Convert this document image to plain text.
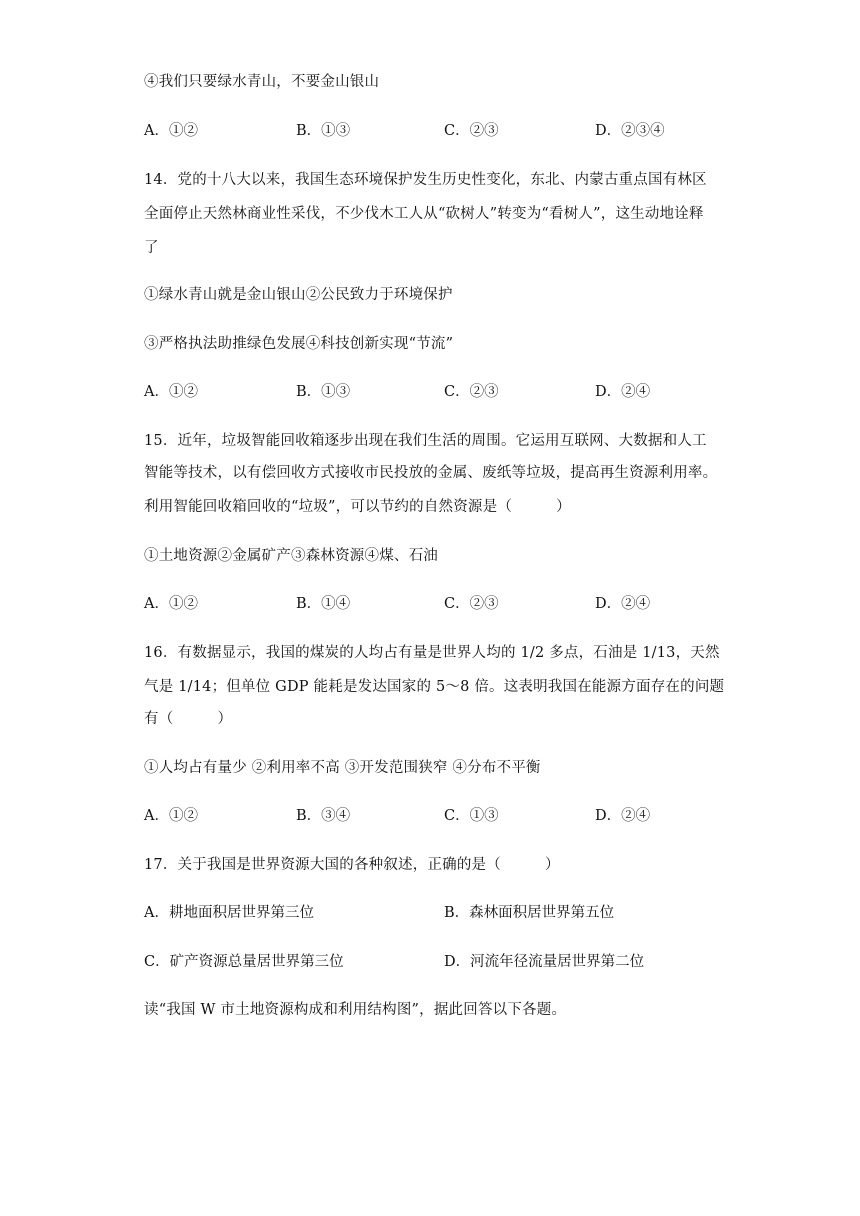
④我们只要绿水青山，不要金山银山
A．①②	B．①③	C．②③	D．②③④
14．党的十八大以来，我国生态环境保护发生历史性变化，东北、内蒙古重点国有林区
全面停止天然林商业性采伐，不少伐木工人从“砍树人”转变为“看树人”，这生动地诠释
了
①绿水青山就是金山银山②公民致力于环境保护
③严格执法助推绿色发展④科技创新实现“节流”
A．①②	B．①③	C．②③	D．②④
15．近年，垃圾智能回收箱逐步出现在我们生活的周围。它运用互联网、大数据和人工
智能等技术，以有偿回收方式接收市民投放的金属、废纸等垃圾，提高再生资源利用率。
利用智能回收箱回收的“垃圾”，可以节约的自然资源是（　　　）
①土地资源②金属矿产③森林资源④煤、石油
A．①②	B．①④	C．②③	D．②④
16．有数据显示，我国的煤炭的人均占有量是世界人均的 1/2 多点，石油是 1/13，天然
气是 1/14；但单位 GDP 能耗是发达国家的 5～8 倍。这表明我国在能源方面存在的问题
有（　　　）
①人均占有量少 ②利用率不高 ③开发范围狭窄 ④分布不平衡
A．①②	B．③④	C．①③	D．②④
17．关于我国是世界资源大国的各种叙述，正确的是（　　　）
A．耕地面积居世界第三位	B．森林面积居世界第五位
C．矿产资源总量居世界第三位	D．河流年径流量居世界第二位
读“我国 W 市土地资源构成和利用结构图”，据此回答以下各题。
